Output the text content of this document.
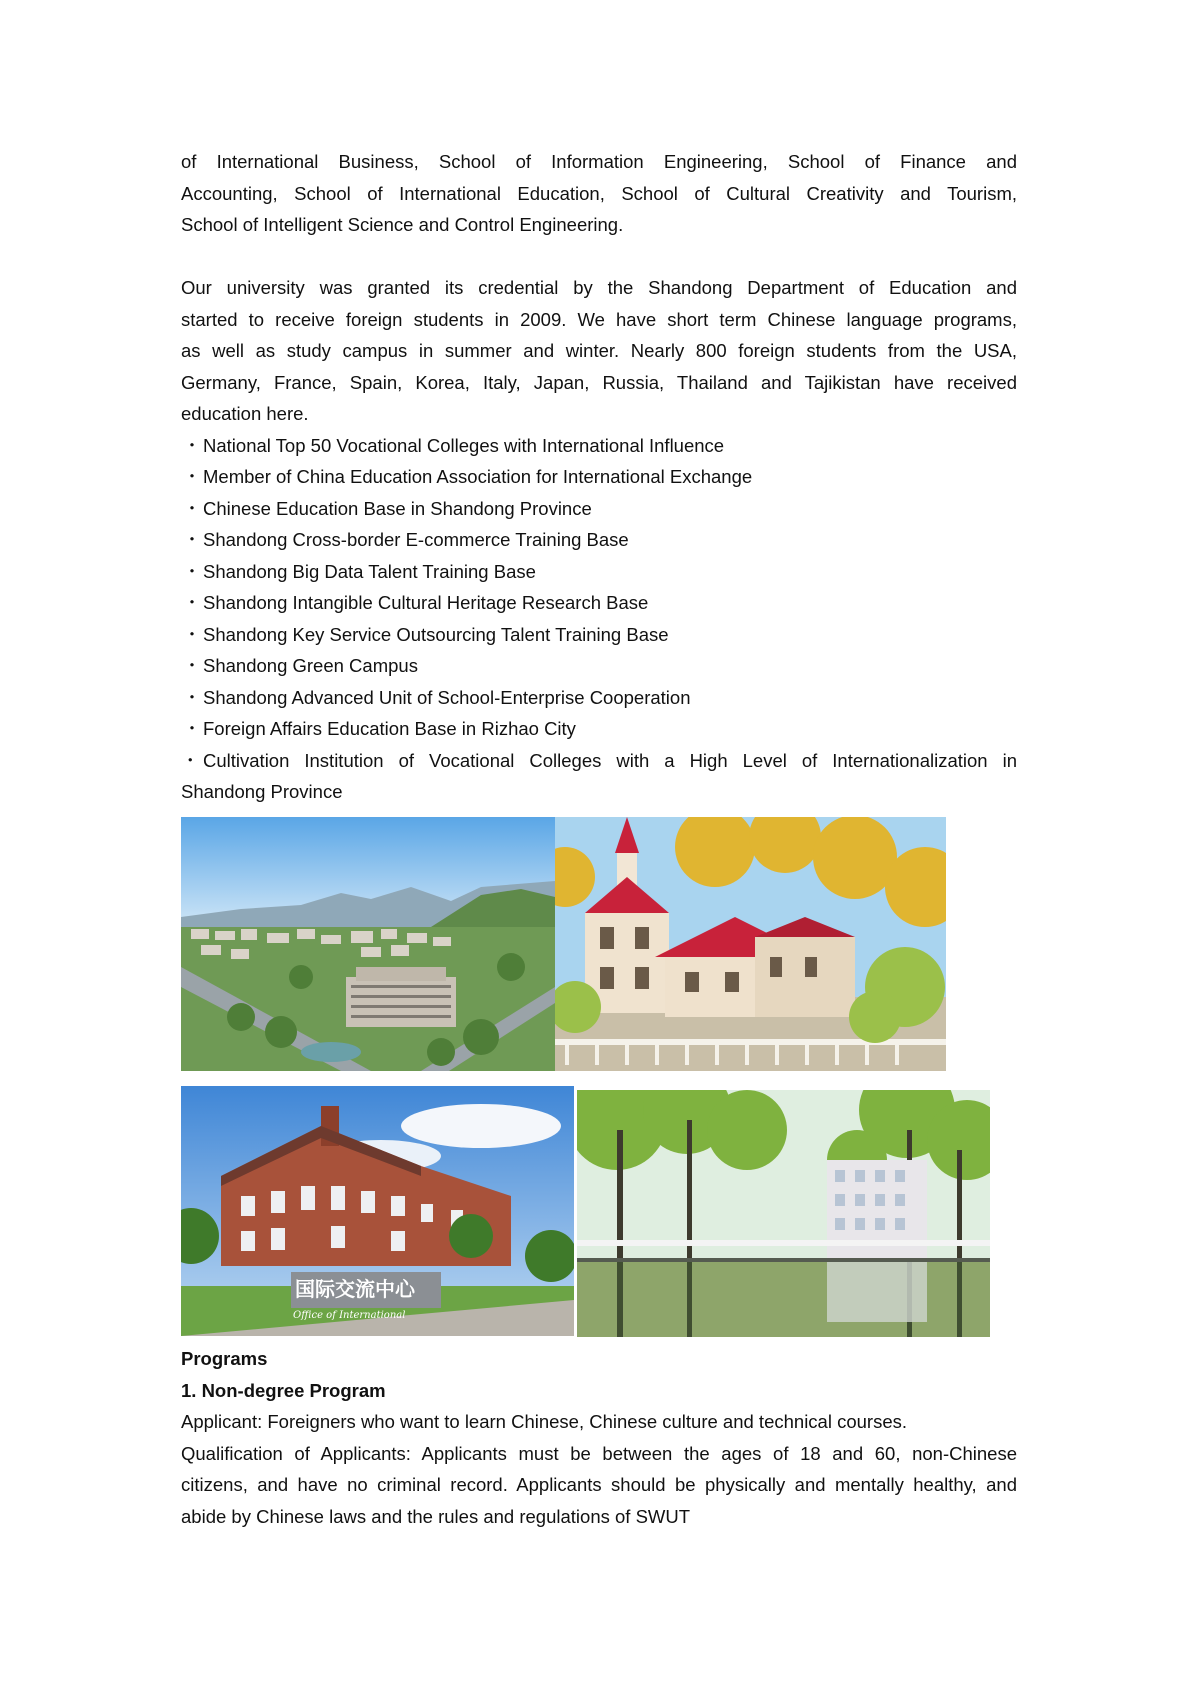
of International Business, School of Information Engineering, School of Finance and

Accounting, School of International Education, School of Cultural Creativity and Tourism,

School of Intelligent Science and Control Engineering.

Our university was granted its credential by the Shandong Department of Education and

started to receive foreign students in 2009. We have short term Chinese language programs,

as well as study campus in summer and winter. Nearly 800 foreign students from the USA,

Germany, France, Spain, Korea, Italy, Japan, Russia, Thailand and Tajikistan have received

education here.

・National Top 50 Vocational Colleges with International Influence
・Member of China Education Association for International Exchange
・Chinese Education Base in Shandong Province
・Shandong Cross-border E-commerce Training Base
・Shandong Big Data Talent Training Base
・Shandong Intangible Cultural Heritage Research Base
・Shandong Key Service Outsourcing Talent Training Base
・Shandong Green Campus
・Shandong Advanced Unit of School-Enterprise Cooperation
・Foreign Affairs Education Base in Rizhao City
・ Cultivation Institution of Vocational Colleges with a High Level of Internationalization in
Shandong Province
国际交流中心
Office of International

Programs

1. Non-degree Program

Applicant: Foreigners who want to learn Chinese, Chinese culture and technical courses.

Qualification of Applicants: Applicants must be between the ages of 18 and 60, non-Chinese

citizens, and have no criminal record. Applicants should be physically and mentally healthy, and

abide by Chinese laws and the rules and regulations of SWUT
